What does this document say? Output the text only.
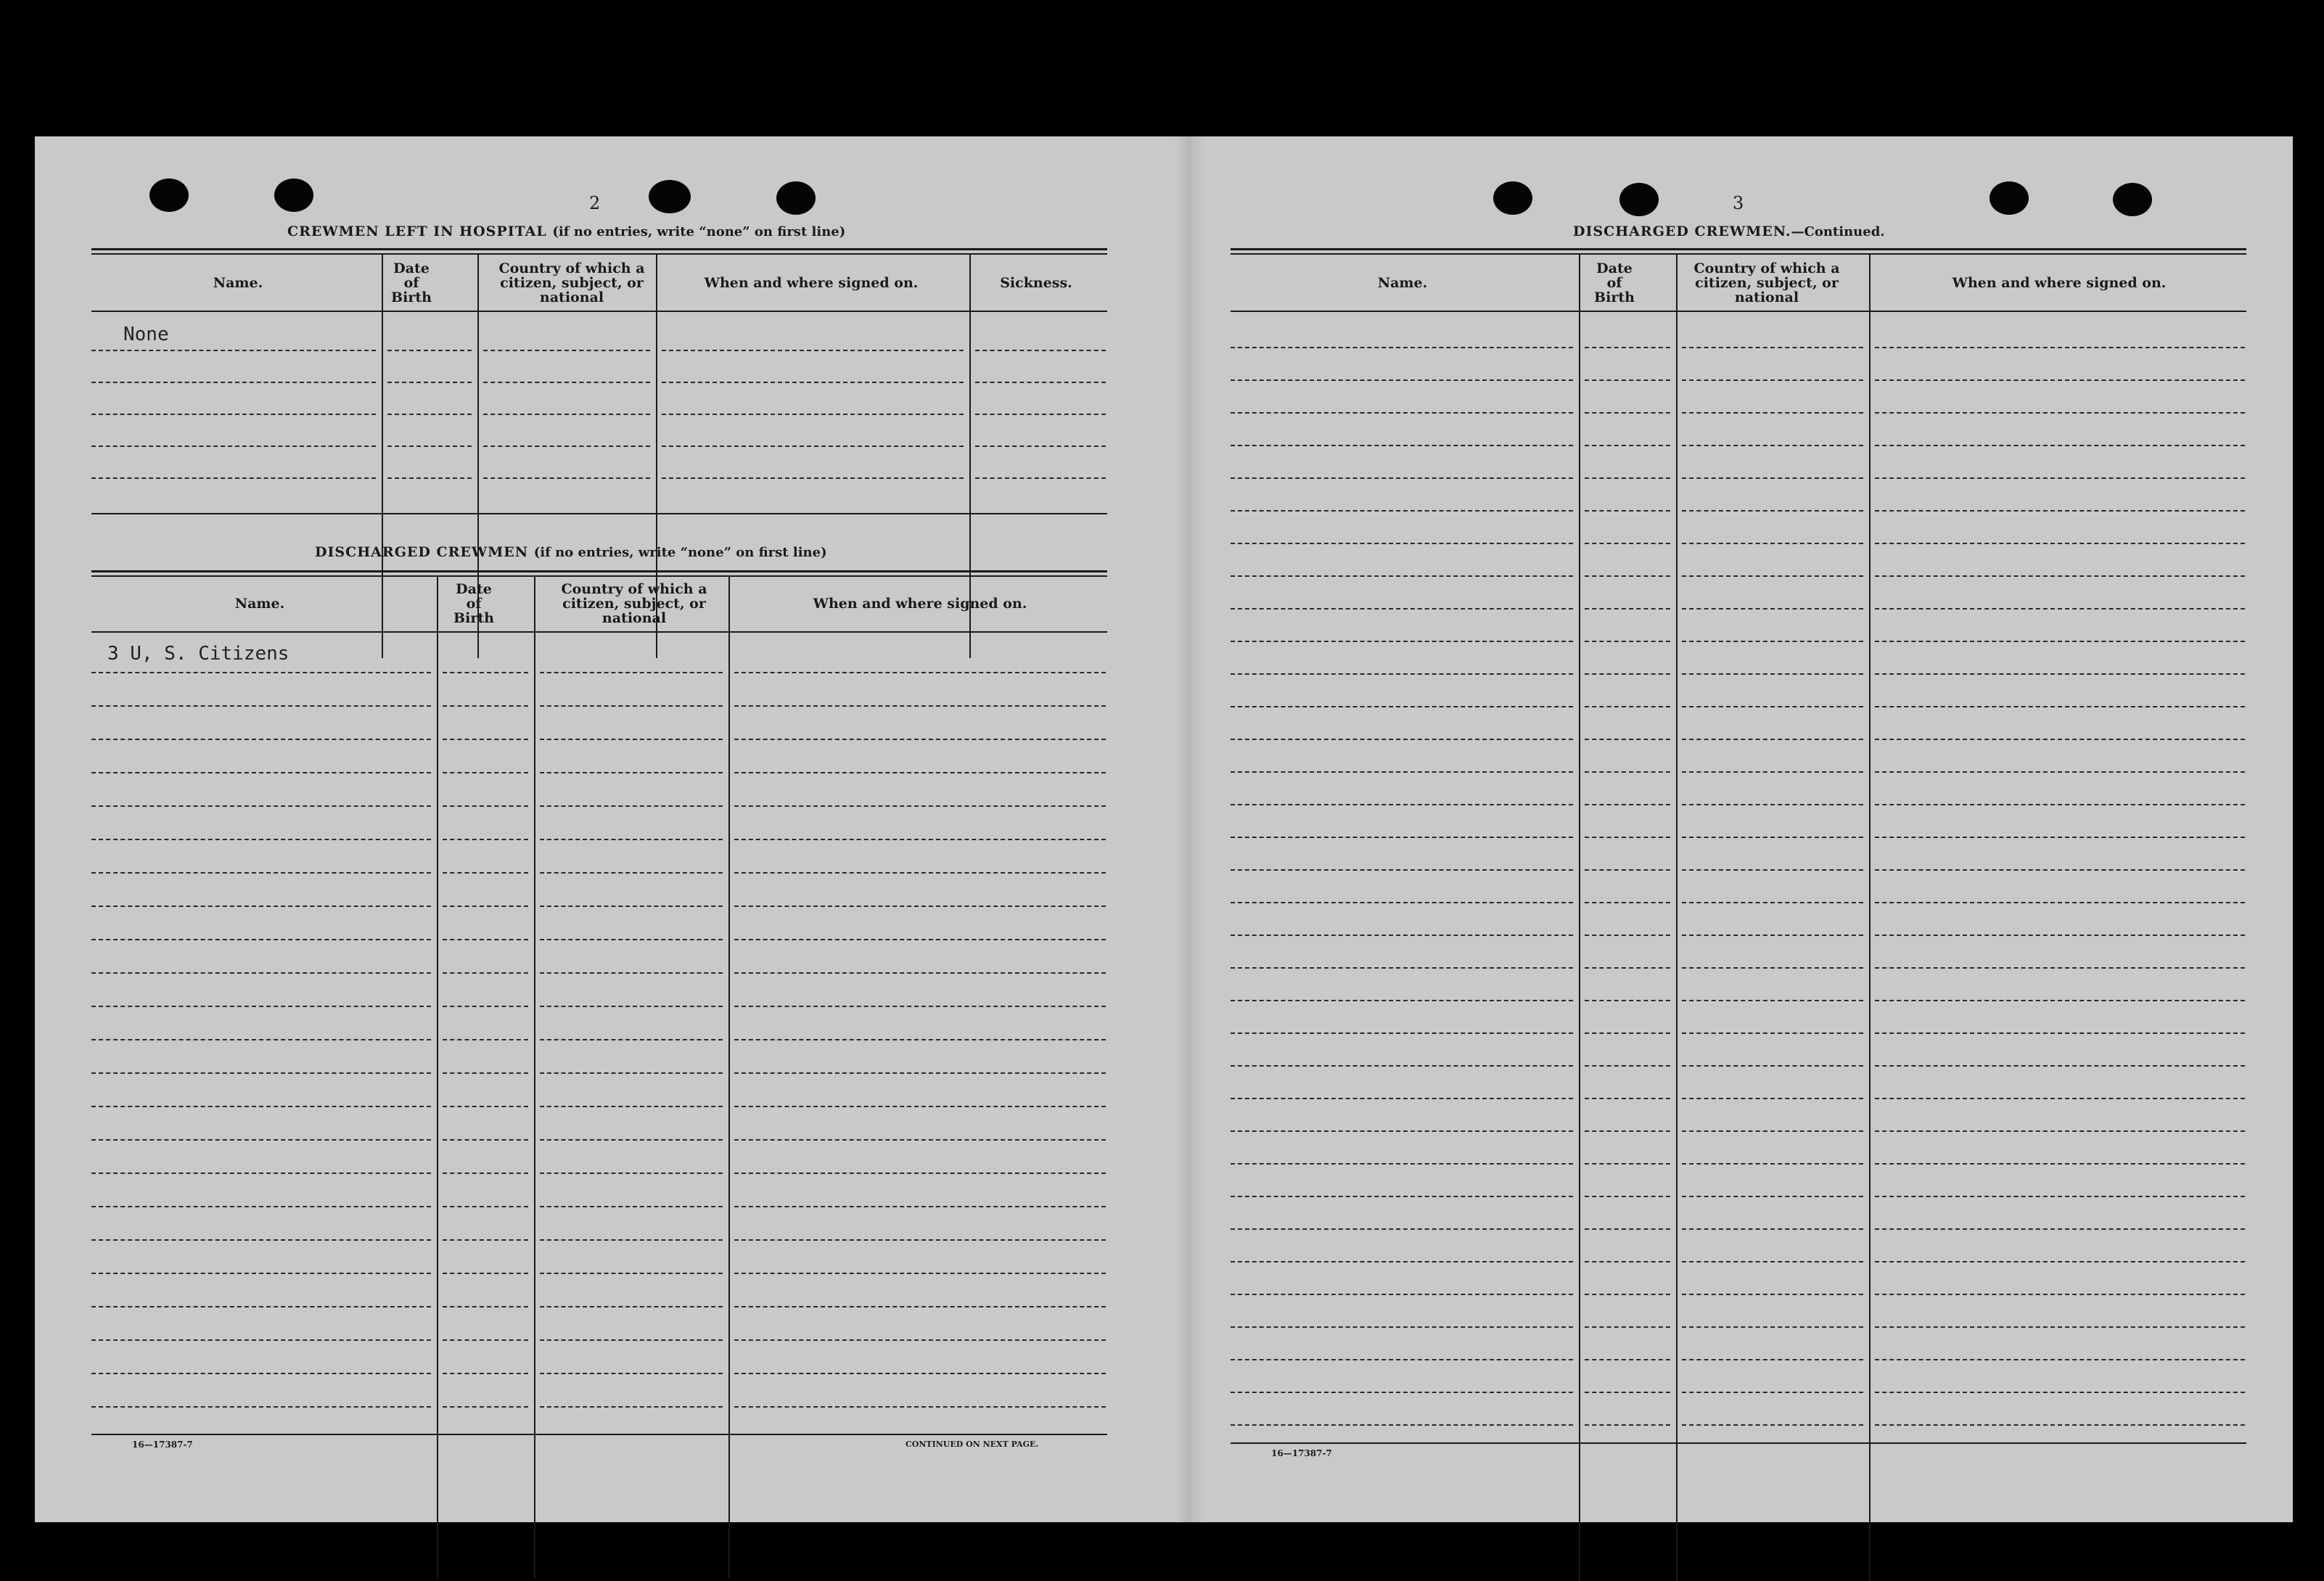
2
CREWMEN LEFT IN HOSPITAL (if no entries, write “none” on first line)
Name.
Date of Birth
Country of which a citizen, subject, or national
When and where signed on.	Sickness.
None
DISCHARGED CREWMEN (if no entries, write “none” on first line)
Name.
Date of Birth
Country of which a citizen, subject, or national
When and where signed on.
3 U, S. Citizens
16—17387-7	CONTINUED ON NEXT PAGE.
3
DISCHARGED CREWMEN.—Continued.
Name.
Date of Birth
Country of which a citizen, subject, or national
When and where signed on.
16—17387-7
